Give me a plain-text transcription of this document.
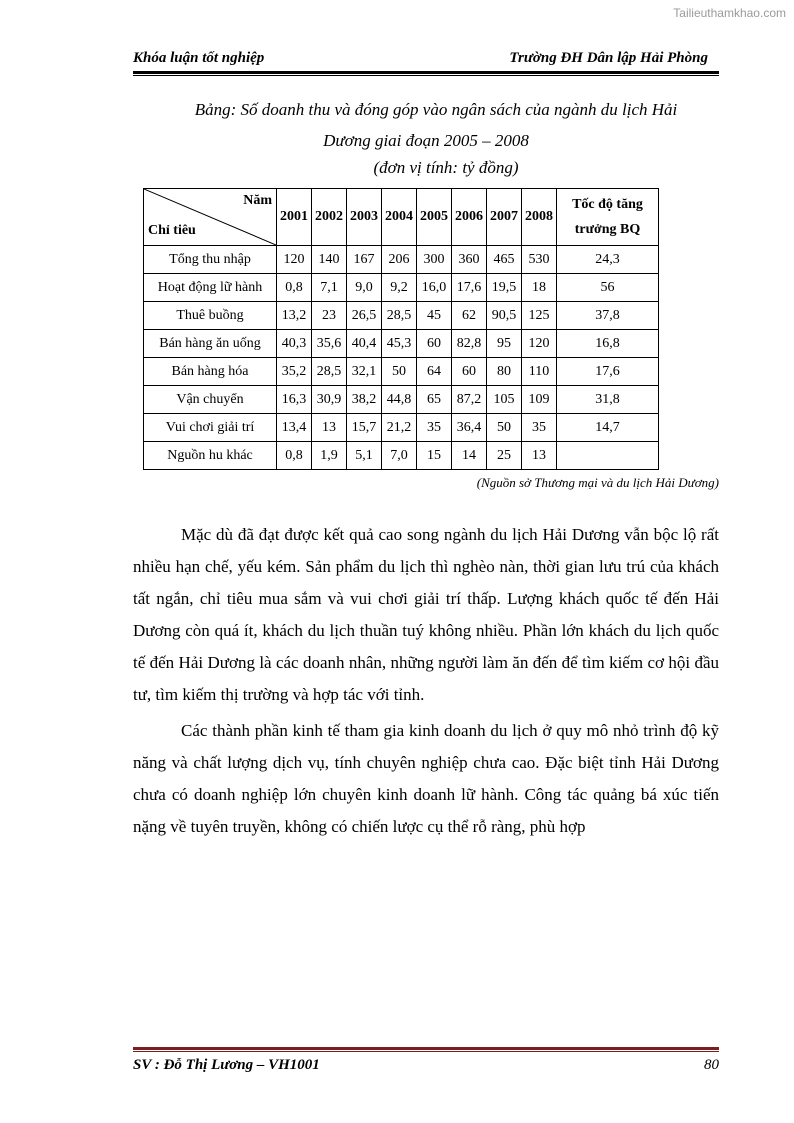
Tailieuthamkhao.com
Khóa luận tốt nghiệp	Trường ĐH Dân lập Hải Phòng
Bảng: Số doanh thu và đóng góp vào ngân sách của ngành du lịch Hải
Dương giai đoạn 2005 – 2008
(đơn vị tính: tỷ đồng)
Năm
Chỉ tiêu	2001	2002	2003	2004	2005	2006	2007	2008	Tốc độ tăng trưởng BQ
Tổng thu nhập	120	140	167	206	300	360	465	530	24,3
Hoạt động lữ hành	0,8	7,1	9,0	9,2	16,0	17,6	19,5	18	56
Thuê buồng	13,2	23	26,5	28,5	45	62	90,5	125	37,8
Bán hàng ăn uống	40,3	35,6	40,4	45,3	60	82,8	95	120	16,8
Bán hàng hóa	35,2	28,5	32,1	50	64	60	80	110	17,6
Vận chuyển	16,3	30,9	38,2	44,8	65	87,2	105	109	31,8
Vui chơi giải trí	13,4	13	15,7	21,2	35	36,4	50	35	14,7
Nguồn hu khác	0,8	1,9	5,1	7,0	15	14	25	13	
(Nguồn sở Thương mại và du lịch Hải Dương)

Mặc dù đã đạt được kết quả cao song ngành du lịch Hải Dương vẫn bộc lộ rất nhiều hạn chế, yếu kém. Sản phẩm du lịch thì nghèo nàn, thời gian lưu trú của khách tất ngắn, chỉ tiêu mua sắm và vui chơi giải trí thấp. Lượng khách quốc tế đến Hải Dương còn quá ít, khách du lịch thuần tuý không nhiều. Phần lớn khách du lịch quốc tế đến Hải Dương là các doanh nhân, những người làm ăn đến để tìm kiếm cơ hội đầu tư, tìm kiếm thị trường và hợp tác với tỉnh.

Các thành phần kinh tế tham gia kinh doanh du lịch ở quy mô nhỏ trình độ kỹ năng và chất lượng dịch vụ, tính chuyên nghiệp chưa cao. Đặc biệt tỉnh Hải Dương chưa có doanh nghiệp lớn chuyên kinh doanh lữ hành. Công tác quảng bá xúc tiến nặng về tuyên truyền, không có chiến lược cụ thể rỗ ràng, phù hợp

SV : Đỗ Thị Lương – VH1001	80
